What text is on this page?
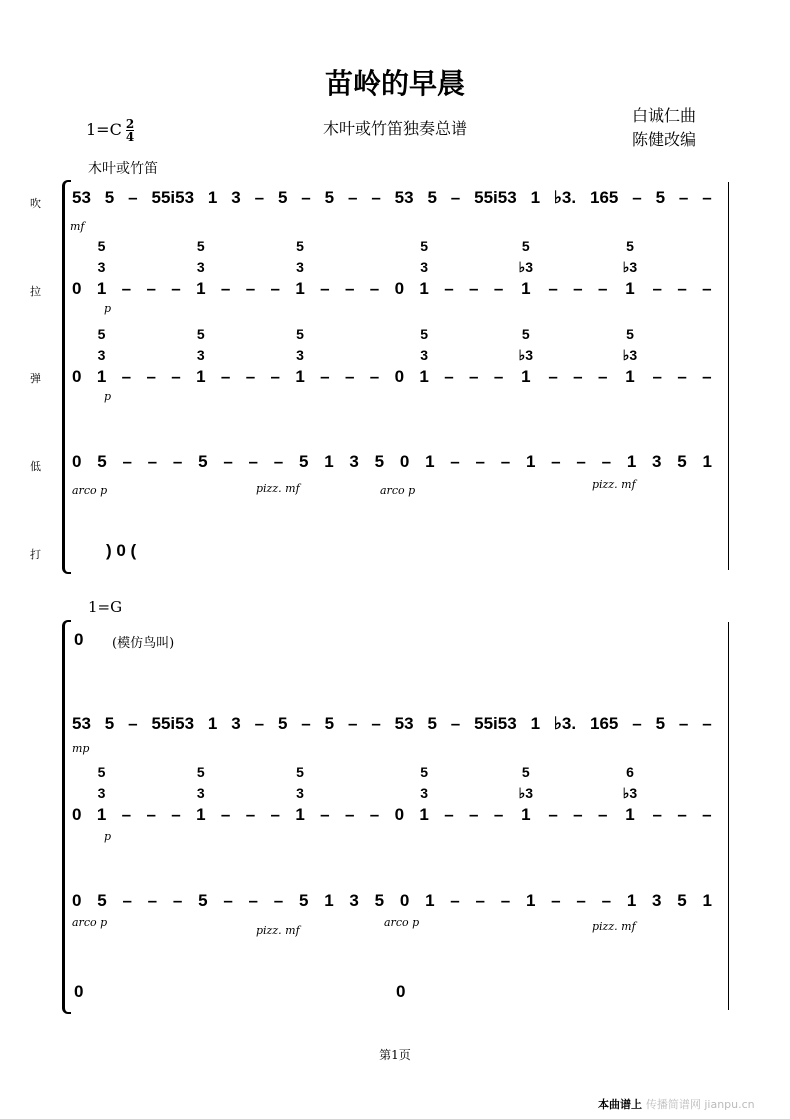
苗岭的早晨
$1=C \frac{2}{4}$	木叶或竹笛独奏总谱
白诚仁曲
陈健改编
木叶或竹笛
吹
拉
弹
低
打
53 5 – 55i53 1 3 – 5 – 5 – – 53 5 – 55i53 1 ♭3. 165 – 5 – –
mf

0
5
3
1

–

–

–
5
3
1

–

–

–
5
3
1

–

–

–

0
5
3
1

–

–

–
5
♭3
1

–

–

–
5
♭3
1

–

–

–
p

0
5
3
1

–

–

–
5
3
1

–

–

–
5
3
1

–

–

–

0
5
3
1

–

–

–
5
♭3
1

–

–

–
5
♭3
1

–

–

–
p
0 5 – – – 5 – – – 5 1 3 5 0 1 – – – 1 – – – 1 3 5 1
arco p	pizz. mf	arco p	pizz. mf
) 0 (
1=G
0 (模仿鸟叫)
53 5 – 55i53 1 3 – 5 – 5 – – 53 5 – 55i53 1 ♭3. 165 – 5 – –
mp

0
5
3
1

–

–

–
5
3
1

–

–

–
5
3
1

–

–

–

0
5
3
1

–

–

–
5
♭3
1

–

–

–
6
♭3
1

–

–

–
p
0 5 – – – 5 – – – 5 1 3 5 0 1 – – – 1 – – – 1 3 5 1
arco p
pizz. mf
arco p	pizz. mf
0	0
第1页
本曲谱上 传播简谱网 jianpu.cn
